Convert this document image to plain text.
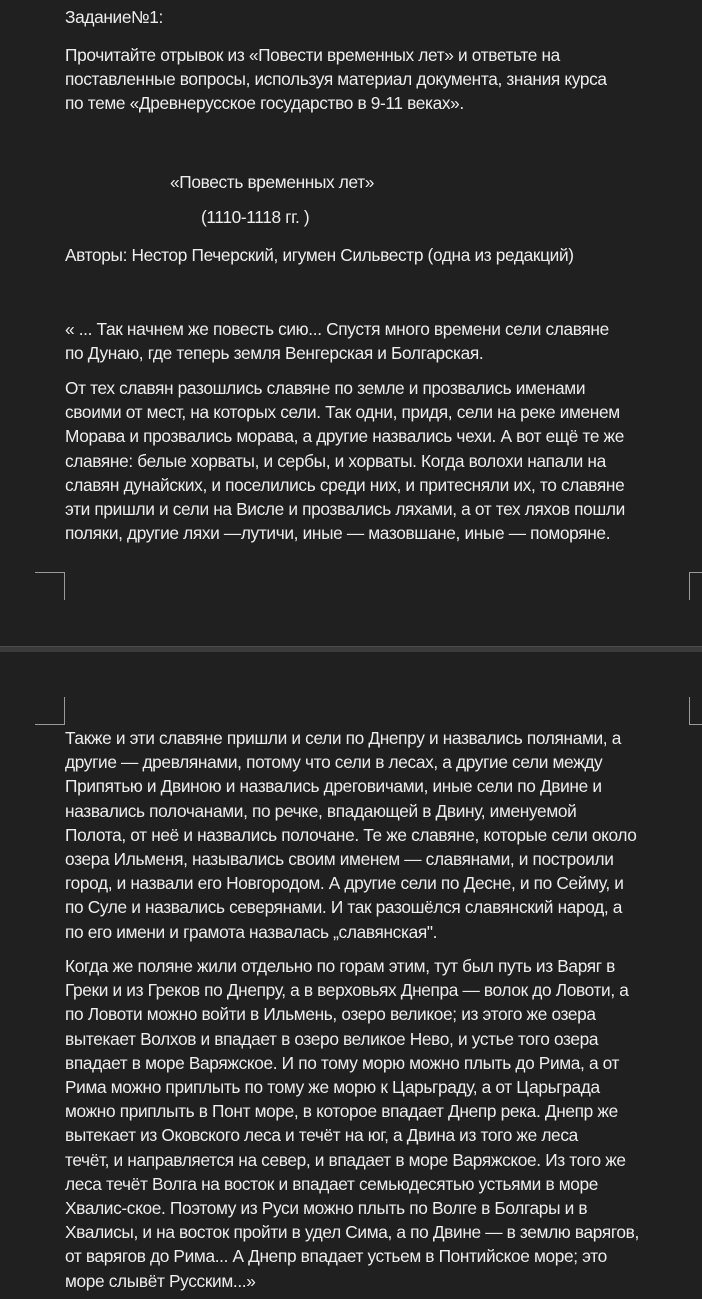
Задание№1:

Прочитайте отрывок из «Повести временных лет» и ответьте на
поставленные вопросы, используя материал документа, знания курса
по теме «Древнерусское государство в 9-11 веках».

«Повесть временных лет»

(1110-1118 гг. )

Авторы: Нестор Печерский, игумен Сильвестр (одна из редакций)

« ... Так начнем же повесть сию... Спустя много времени сели славяне
по Дунаю, где теперь земля Венгерская и Болгарская.

От тех славян разошлись славяне по земле и прозвались именами
своими от мест, на которых сели. Так одни, придя, сели на реке именем
Морава и прозвались морава, а другие назвались чехи. А вот ещё те же
славяне: белые хорваты, и сербы, и хорваты. Когда волохи напали на
славян дунайских, и поселились среди них, и притесняли их, то славяне
эти пришли и сели на Висле и прозвались ляхами, а от тех ляхов пошли
поляки, другие ляхи —лутичи, иные — мазовшане, иные — поморяне.

Также и эти славяне пришли и сели по Днепру и назвались полянами, а
другие — древлянами, потому что сели в лесах, а другие сели между
Припятью и Двиною и назвались дреговичами, иные сели по Двине и
назвались полочанами, по речке, впадающей в Двину, именуемой
Полота, от неё и назвались полочане. Те же славяне, которые сели около
озера Ильменя, назывались своим именем — славянами, и построили
город, и назвали его Новгородом. А другие сели по Десне, и по Сейму, и
по Суле и назвались северянами. И так разошёлся славянский народ, а
по его имени и грамота назвалась „славянская".

Когда же поляне жили отдельно по горам этим, тут был путь из Варяг в
Греки и из Греков по Днепру, а в верховьях Днепра — волок до Ловоти, а
по Ловоти можно войти в Ильмень, озеро великое; из этого же озера
вытекает Волхов и впадает в озеро великое Нево, и устье того озера
впадает в море Варяжское. И по тому морю можно плыть до Рима, а от
Рима можно приплыть по тому же морю к Царьграду, а от Царьграда
можно приплыть в Понт море, в которое впадает Днепр река. Днепр же
вытекает из Оковского леса и течёт на юг, а Двина из того же леса
течёт, и направляется на север, и впадает в море Варяжское. Из того же
леса течёт Волга на восток и впадает семьюдесятью устьями в море
Хвалис-ское. Поэтому из Руси можно плыть по Волге в Болгары и в
Хвалисы, и на восток пройти в удел Сима, а по Двине — в землю варягов,
от варягов до Рима... А Днепр впадает устьем в Понтийское море; это
море слывёт Русским...»
